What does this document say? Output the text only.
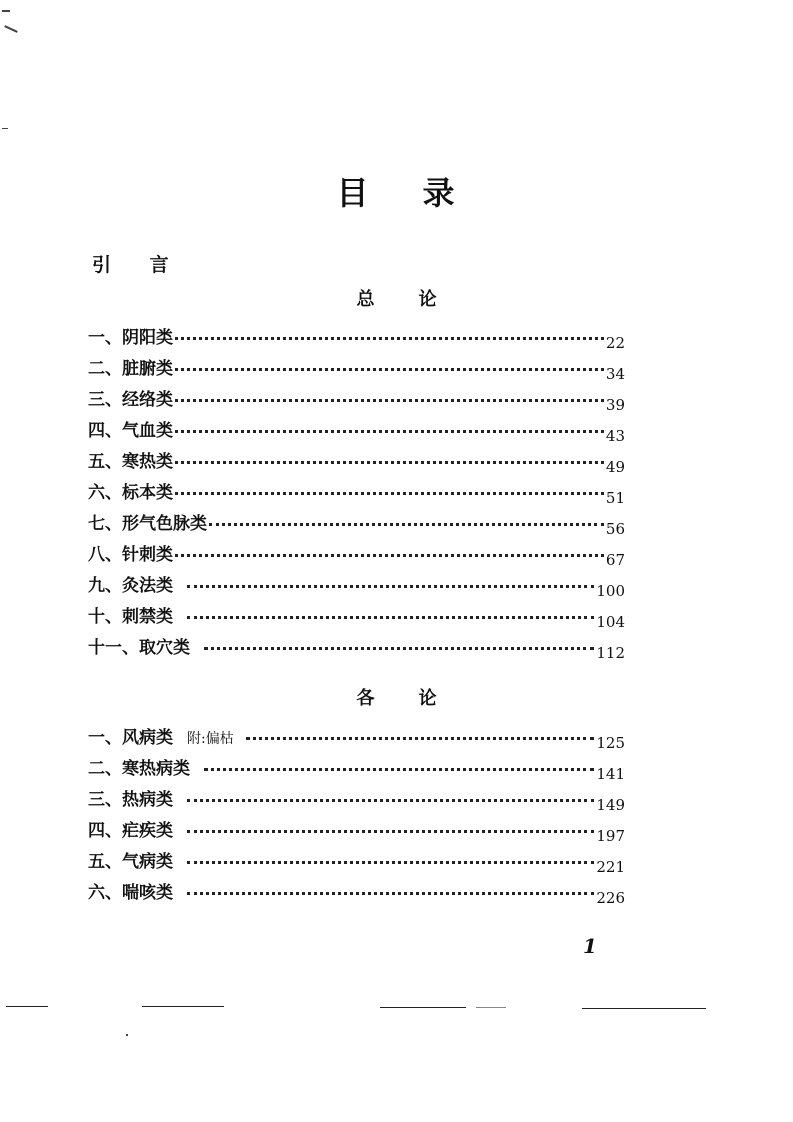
目 录
引 言
总 论
一、阴阳类	22
二、脏腑类	34
三、经络类	39
四、气血类	43
五、寒热类	49
六、标本类	51
七、形气色脉类	56
八、针刺类	67
九、灸法类	100
十、刺禁类	104
十一、取穴类	112
各 论
一、风病类 附:偏枯	125
二、寒热病类	141
三、热病类	149
四、疟疾类	197
五、气病类	221
六、喘咳类	226
1
